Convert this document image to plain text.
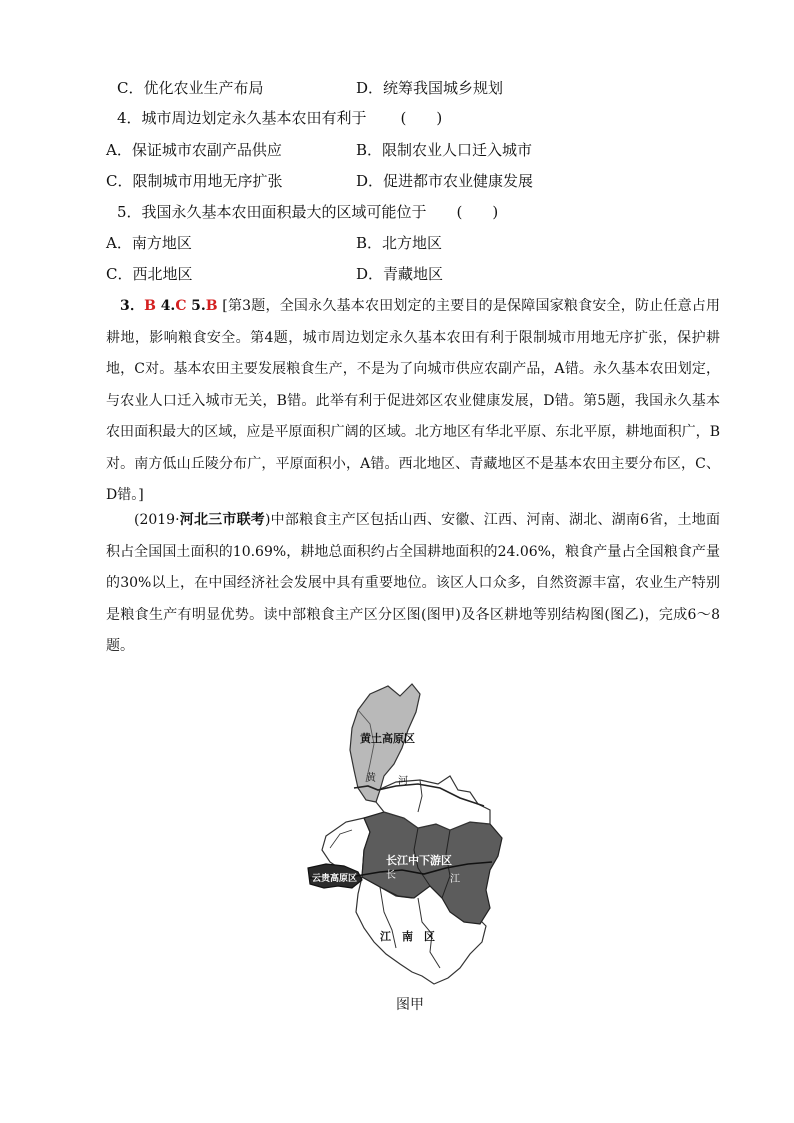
C．优化农业生产布局	D．统筹我国城乡规划
4．城市周边划定永久基本农田有利于 (　　)
A．保证城市农副产品供应	B．限制农业人口迁入城市
C．限制城市用地无序扩张	D．促进都市农业健康发展
5．我国永久基本农田面积最大的区域可能位于 (　　)
A．南方地区	B．北方地区
C．西北地区	D．青藏地区
3．B 4.C 5.B [第3题，全国永久基本农田划定的主要目的是保障国家粮食安全，防止任意占用耕地，影响粮食安全。第4题，城市周边划定永久基本农田有利于限制城市用地无序扩张，保护耕地，C对。基本农田主要发展粮食生产，不是为了向城市供应农副产品，A错。永久基本农田划定，与农业人口迁入城市无关，B错。此举有利于促进郊区农业健康发展，D错。第5题，我国永久基本农田面积最大的区域，应是平原面积广阔的区域。北方地区有华北平原、东北平原，耕地面积广，B对。南方低山丘陵分布广，平原面积小，A错。西北地区、青藏地区不是基本农田主要分布区，C、D错。]
(2019·河北三市联考)中部粮食主产区包括山西、安徽、江西、河南、湖北、湖南6省，土地面积占全国国土面积的10.69%，耕地总面积约占全国耕地面积的24.06%，粮食产量占全国粮食产量的30%以上，在中国经济社会发展中具有重要地位。该区人口众多，自然资源丰富，农业生产特别是粮食生产有明显优势。读中部粮食主产区分区图(图甲)及各区耕地等别结构图(图乙)，完成6～8题。
黄土高原区
黄 河
长江中下游区
长	江
云贵高原区
江　南　区
图甲
